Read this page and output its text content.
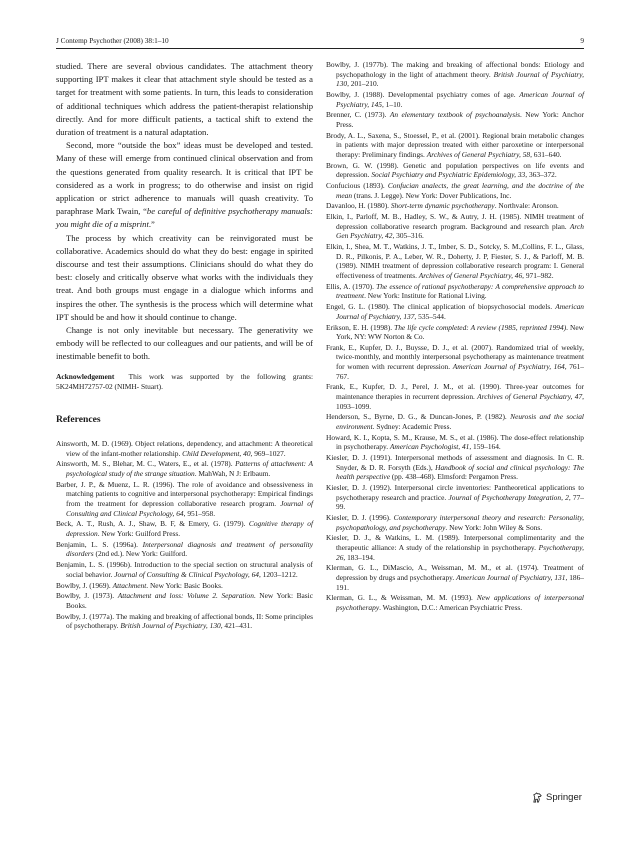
J Contemp Psychother (2008) 38:1–10	9

studied. There are several obvious candidates. The attachment theory supporting IPT makes it clear that attachment style should be tested as a target for treatment with some patients. In turn, this leads to consideration of additional techniques which address the patient-therapist relationship directly. And for more difficult patients, a tactical shift to extend the duration of treatment is a natural adaptation.

Second, more “outside the box” ideas must be developed and tested. Many of these will emerge from continued clinical observation and from the questions generated from quality research. It is critical that IPT be considered as a work in progress; to do otherwise and insist on rigid application or strict adherence to manuals will quash creativity. To paraphrase Mark Twain, “be careful of definitive psychotherapy manuals: you might die of a misprint.”

The process by which creativity can be reinvigorated must be collaborative. Academics should do what they do best: engage in spirited discourse and test their assumptions. Clinicians should do what they do best: closely and critically observe what works with the individuals they treat. And both groups must engage in a dialogue which informs and inspires the other. The synthesis is the process which will determine what IPT should be and how it should continue to change.

Change is not only inevitable but necessary. The generativity we embody will be reflected to our colleagues and our patients, and will be of inestimable benefit to both.

Acknowledgement This work was supported by the following grants: 5K24MH72757-02 (NIMH- Stuart).

References

Ainsworth, M. D. (1969). Object relations, dependency, and attachment: A theoretical view of the infant-mother relationship. Child Development, 40, 969–1027.

Ainsworth, M. S., Blehar, M. C., Waters, E., et al. (1978). Patterns of attachment: A psychological study of the strange situation. MahWah, N J: Erlbaum.

Barber, J. P., & Muenz, L. R. (1996). The role of avoidance and obsessiveness in matching patients to cognitive and interpersonal psychotherapy: Empirical findings from the treatment for depression collaborative research program. Journal of Consulting and Clinical Psychology, 64, 951–958.

Beck, A. T., Rush, A. J., Shaw, B. F, & Emery, G. (1979). Cognitive therapy of depression. New York: Guilford Press.

Benjamin, L. S. (1996a). Interpersonal diagnosis and treatment of personality disorders (2nd ed.). New York: Guilford.

Benjamin, L. S. (1996b). Introduction to the special section on structural analysis of social behavior. Journal of Consulting & Clinical Psychology, 64, 1203–1212.

Bowlby, J. (1969). Attachment. New York: Basic Books.

Bowlby, J. (1973). Attachment and loss: Volume 2. Separation. New York: Basic Books.

Bowlby, J. (1977a). The making and breaking of affectional bonds, II: Some principles of psychotherapy. British Journal of Psychiatry, 130, 421–431.

Bowlby, J. (1977b). The making and breaking of affectional bonds: Etiology and psychopathology in the light of attachment theory. British Journal of Psychiatry, 130, 201–210.

Bowlby, J. (1988). Developmental psychiatry comes of age. American Journal of Psychiatry, 145, 1–10.

Brenner, C. (1973). An elementary textbook of psychoanalysis. New York: Anchor Press.

Brody, A. L., Saxena, S., Stoessel, P., et al. (2001). Regional brain metabolic changes in patients with major depression treated with either paroxetine or interpersonal therapy: Preliminary findings. Archives of General Psychiatry, 58, 631–640.

Brown, G. W. (1998). Genetic and population perspectives on life events and depression. Social Psychiatry and Psychiatric Epidemiology, 33, 363–372.

Confucious (1893). Confucian analects, the great learning, and the doctrine of the mean (trans. J. Legge). New York: Dover Publications, Inc.

Davanloo, H. (1980). Short-term dynamic psychotherapy. Northvale: Aronson.

Elkin, I., Parloff, M. B., Hadley, S. W., & Autry, J. H. (1985). NIMH treatment of depression collaborative research program. Background and research plan. Arch Gen Psychiatry, 42, 305–316.

Elkin, I., Shea, M. T., Watkins, J. T., Imber, S. D., Sotcky, S. M.,Collins, F. L., Glass, D. R., Pilkonis, P. A., Leber, W. R., Doherty, J. P, Fiester, S. J., & Parloff, M. B. (1989). NIMH treatment of depression collaborative research program: I. General effectiveness of treatments. Archives of General Psychiatry, 46, 971–982.

Ellis, A. (1970). The essence of rational psychotherapy: A comprehensive approach to treatment. New York: Institute for Rational Living.

Engel, G. L. (1980). The clinical application of biopsychosocial models. American Journal of Psychiatry, 137, 535–544.

Erikson, E. H. (1998). The life cycle completed: A review (1985, reprinted 1994). New York, NY: WW Norton & Co.

Frank, E., Kupfer, D. J., Buysse, D. J., et al. (2007). Randomized trial of weekly, twice-monthly, and monthly interpersonal psychotherapy as maintenance treatment for women with recurrent depression. American Journal of Psychiatry, 164, 761–767.

Frank, E., Kupfer, D. J., Perel, J. M., et al. (1990). Three-year outcomes for maintenance therapies in recurrent depression. Archives of General Psychiatry, 47, 1093–1099.

Henderson, S., Byrne, D. G., & Duncan-Jones, P. (1982). Neurosis and the social environment. Sydney: Academic Press.

Howard, K. I., Kopta, S. M., Krause, M. S., et al. (1986). The dose-effect relationship in psychotherapy. American Psychologist, 41, 159–164.

Kiesler, D. J. (1991). Interpersonal methods of assessment and diagnosis. In C. R. Snyder, & D. R. Forsyth (Eds.), Handbook of social and clinical psychology: The health perspective (pp. 438–468). Elmsford: Pergamon Press.

Kiesler, D. J. (1992). Interpersonal circle inventories: Pantheoretical applications to psychotherapy research and practice. Journal of Psychotherapy Integration, 2, 77–99.

Kiesler, D. J. (1996). Contemporary interpersonal theory and research: Personality, psychopathology, and psychotherapy. New York: John Wiley & Sons.

Kiesler, D. J., & Watkins, L. M. (1989). Interpersonal complimentarity and the therapeutic alliance: A study of the relationship in psychotherapy. Psychotherapy, 26, 183–194.

Klerman, G. L., DiMascio, A., Weissman, M. M., et al. (1974). Treatment of depression by drugs and psychotherapy. American Journal of Psychiatry, 131, 186–191.

Klerman, G. L., & Weissman, M. M. (1993). New applications of interpersonal psychotherapy. Washington, D.C.: American Psychiatric Press.

Springer
